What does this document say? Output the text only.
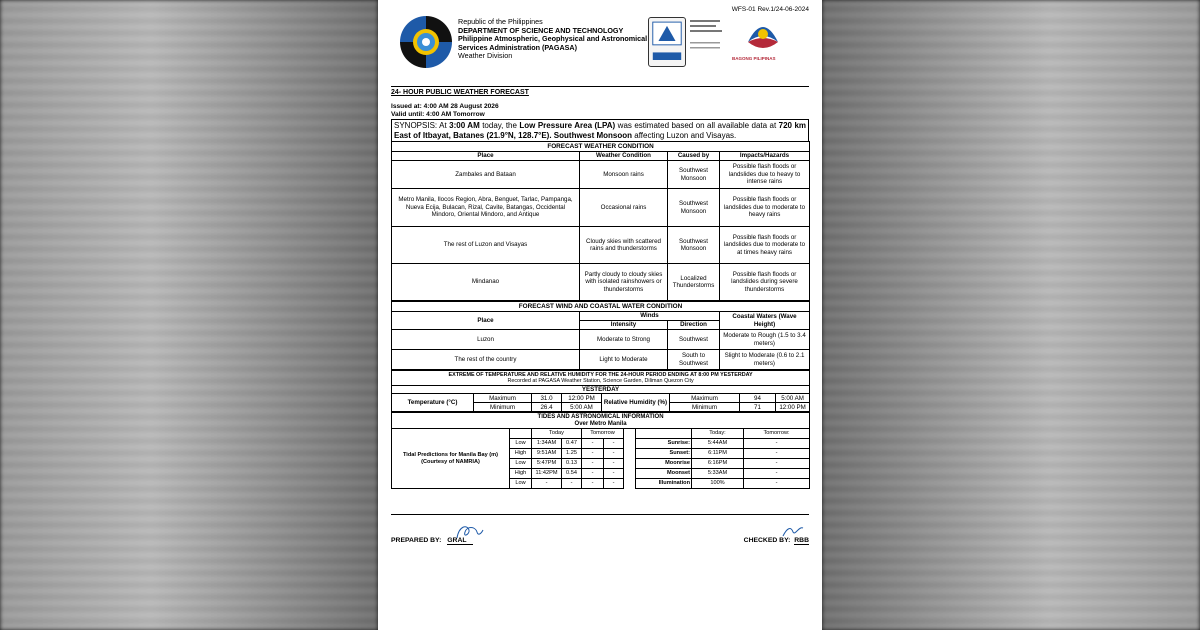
Republic of the Philippines
DEPARTMENT OF SCIENCE AND TECHNOLOGY
Philippine Atmospheric, Geophysical and Astronomical
Services Administration (PAGASA)
Weather Division
WFS-01 Rev.1/24-06-2024
BAGONG PILIPINAS
24- HOUR PUBLIC WEATHER FORECAST
Issued at: 4:00 AM 28 August 2026
Valid until: 4:00 AM Tomorrow
SYNOPSIS: At 3:00 AM today, the Low Pressure Area (LPA) was estimated based on all available data at 720 km East of Itbayat, Batanes (21.9°N, 128.7°E). Southwest Monsoon affecting Luzon and Visayas.
FORECAST WEATHER CONDITION			
Place	Weather Condition	Caused by	Impacts/Hazards
Zambales and Bataan	Monsoon rains	Southwest Monsoon	Possible flash floods or landslides due to heavy to intense rains
Metro Manila, Ilocos Region, Abra, Benguet, Tarlac, Pampanga, Nueva Ecija, Bulacan, Rizal, Cavite, Batangas, Occidental Mindoro, Oriental Mindoro, and Antique	Occasional rains	Southwest Monsoon	Possible flash floods or landslides due to moderate to heavy rains
The rest of Luzon and Visayas	Cloudy skies with scattered rains and thunderstorms	Southwest Monsoon	Possible flash floods or landslides due to moderate to at times heavy rains
Mindanao	Partly cloudy to cloudy skies with isolated rainshowers or thunderstorms	Localized Thunderstorms	Possible flash floods or landslides during severe thunderstorms
FORECAST WIND AND COASTAL WATER CONDITION			
Place	Winds		Coastal Waters (Wave Height)
	Intensity	Direction	
Luzon	Moderate to Strong	Southwest	Moderate to Rough (1.5 to 3.4 meters)
The rest of the country	Light to Moderate	South to Southwest	Slight to Moderate (0.6 to 2.1 meters)
EXTREME OF TEMPERATURE AND RELATIVE HUMIDITY FOR THE 24-HOUR PERIOD ENDING AT 8:00 PM YESTERDAY
Recorded at PAGASA Weather Station, Science Garden, Diliman Quezon City							

YESTERDAY							
Temperature (°C)	Maximum	31.0	12:00 PM	Relative Humidity (%)	Maximum	94	5:00 AM
	Minimum	26.4	5:00 AM		Minimum	71	12:00 PM
TIDES AND ASTRONOMICAL INFORMATION
Over Metro Manila									

Tidal Predictions for Manila Bay (m) (Courtesy of NAMRIA)		Today		Tomorrow				Today:	Tomorrow:
	Low	1:34AM	0.47	-	-		Sunrise:	5:44AM	-
	High	9:51AM	1.25	-	-		Sunset:	6:11PM	-
	Low	5:47PM	0.13	-	-		Moonrise	6:16PM	-
	High	11:42PM	0.54	-	-		Moonset	5:33AM	-
	Low	-	-	-	-		Illumination	100%	-
PREPARED BY: GRAL	CHECKED BY: RBB
